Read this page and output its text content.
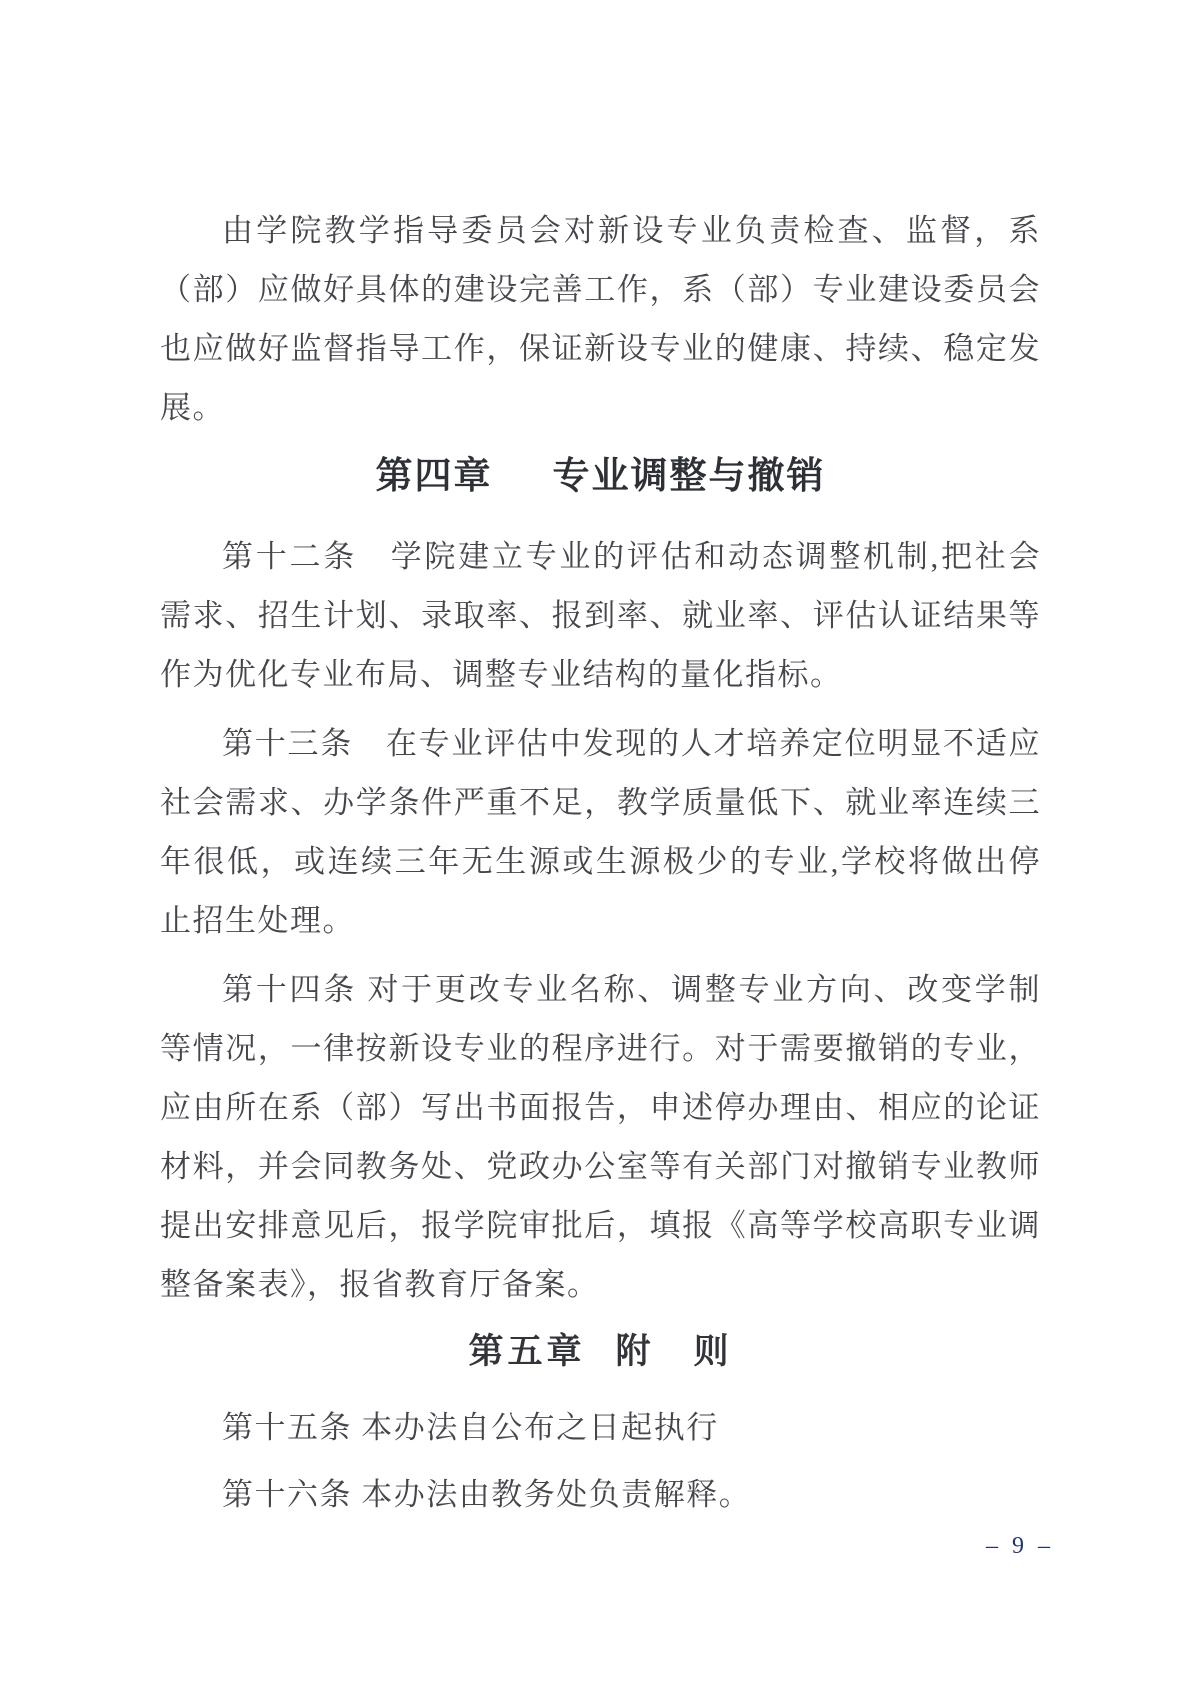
由学院教学指导委员会对新设专业负责检查、监督，系（部）应做好具体的建设完善工作，系（部）专业建设委员会也应做好监督指导工作，保证新设专业的健康、持续、稳定发展。

第四章 专业调整与撤销

第十二条　学院建立专业的评估和动态调整机制,把社会需求、招生计划、录取率、报到率、就业率、评估认证结果等作为优化专业布局、调整专业结构的量化指标。

第十三条　在专业评估中发现的人才培养定位明显不适应社会需求、办学条件严重不足，教学质量低下、就业率连续三年很低，或连续三年无生源或生源极少的专业,学校将做出停止招生处理。

第十四条 对于更改专业名称、调整专业方向、改变学制等情况，一律按新设专业的程序进行。对于需要撤销的专业，应由所在系（部）写出书面报告，申述停办理由、相应的论证材料，并会同教务处、党政办公室等有关部门对撤销专业教师提出安排意见后，报学院审批后，填报《高等学校高职专业调整备案表》，报省教育厅备案。

第五章 附　则

第十五条 本办法自公布之日起执行

第十六条 本办法由教务处负责解释。

– 9 –
